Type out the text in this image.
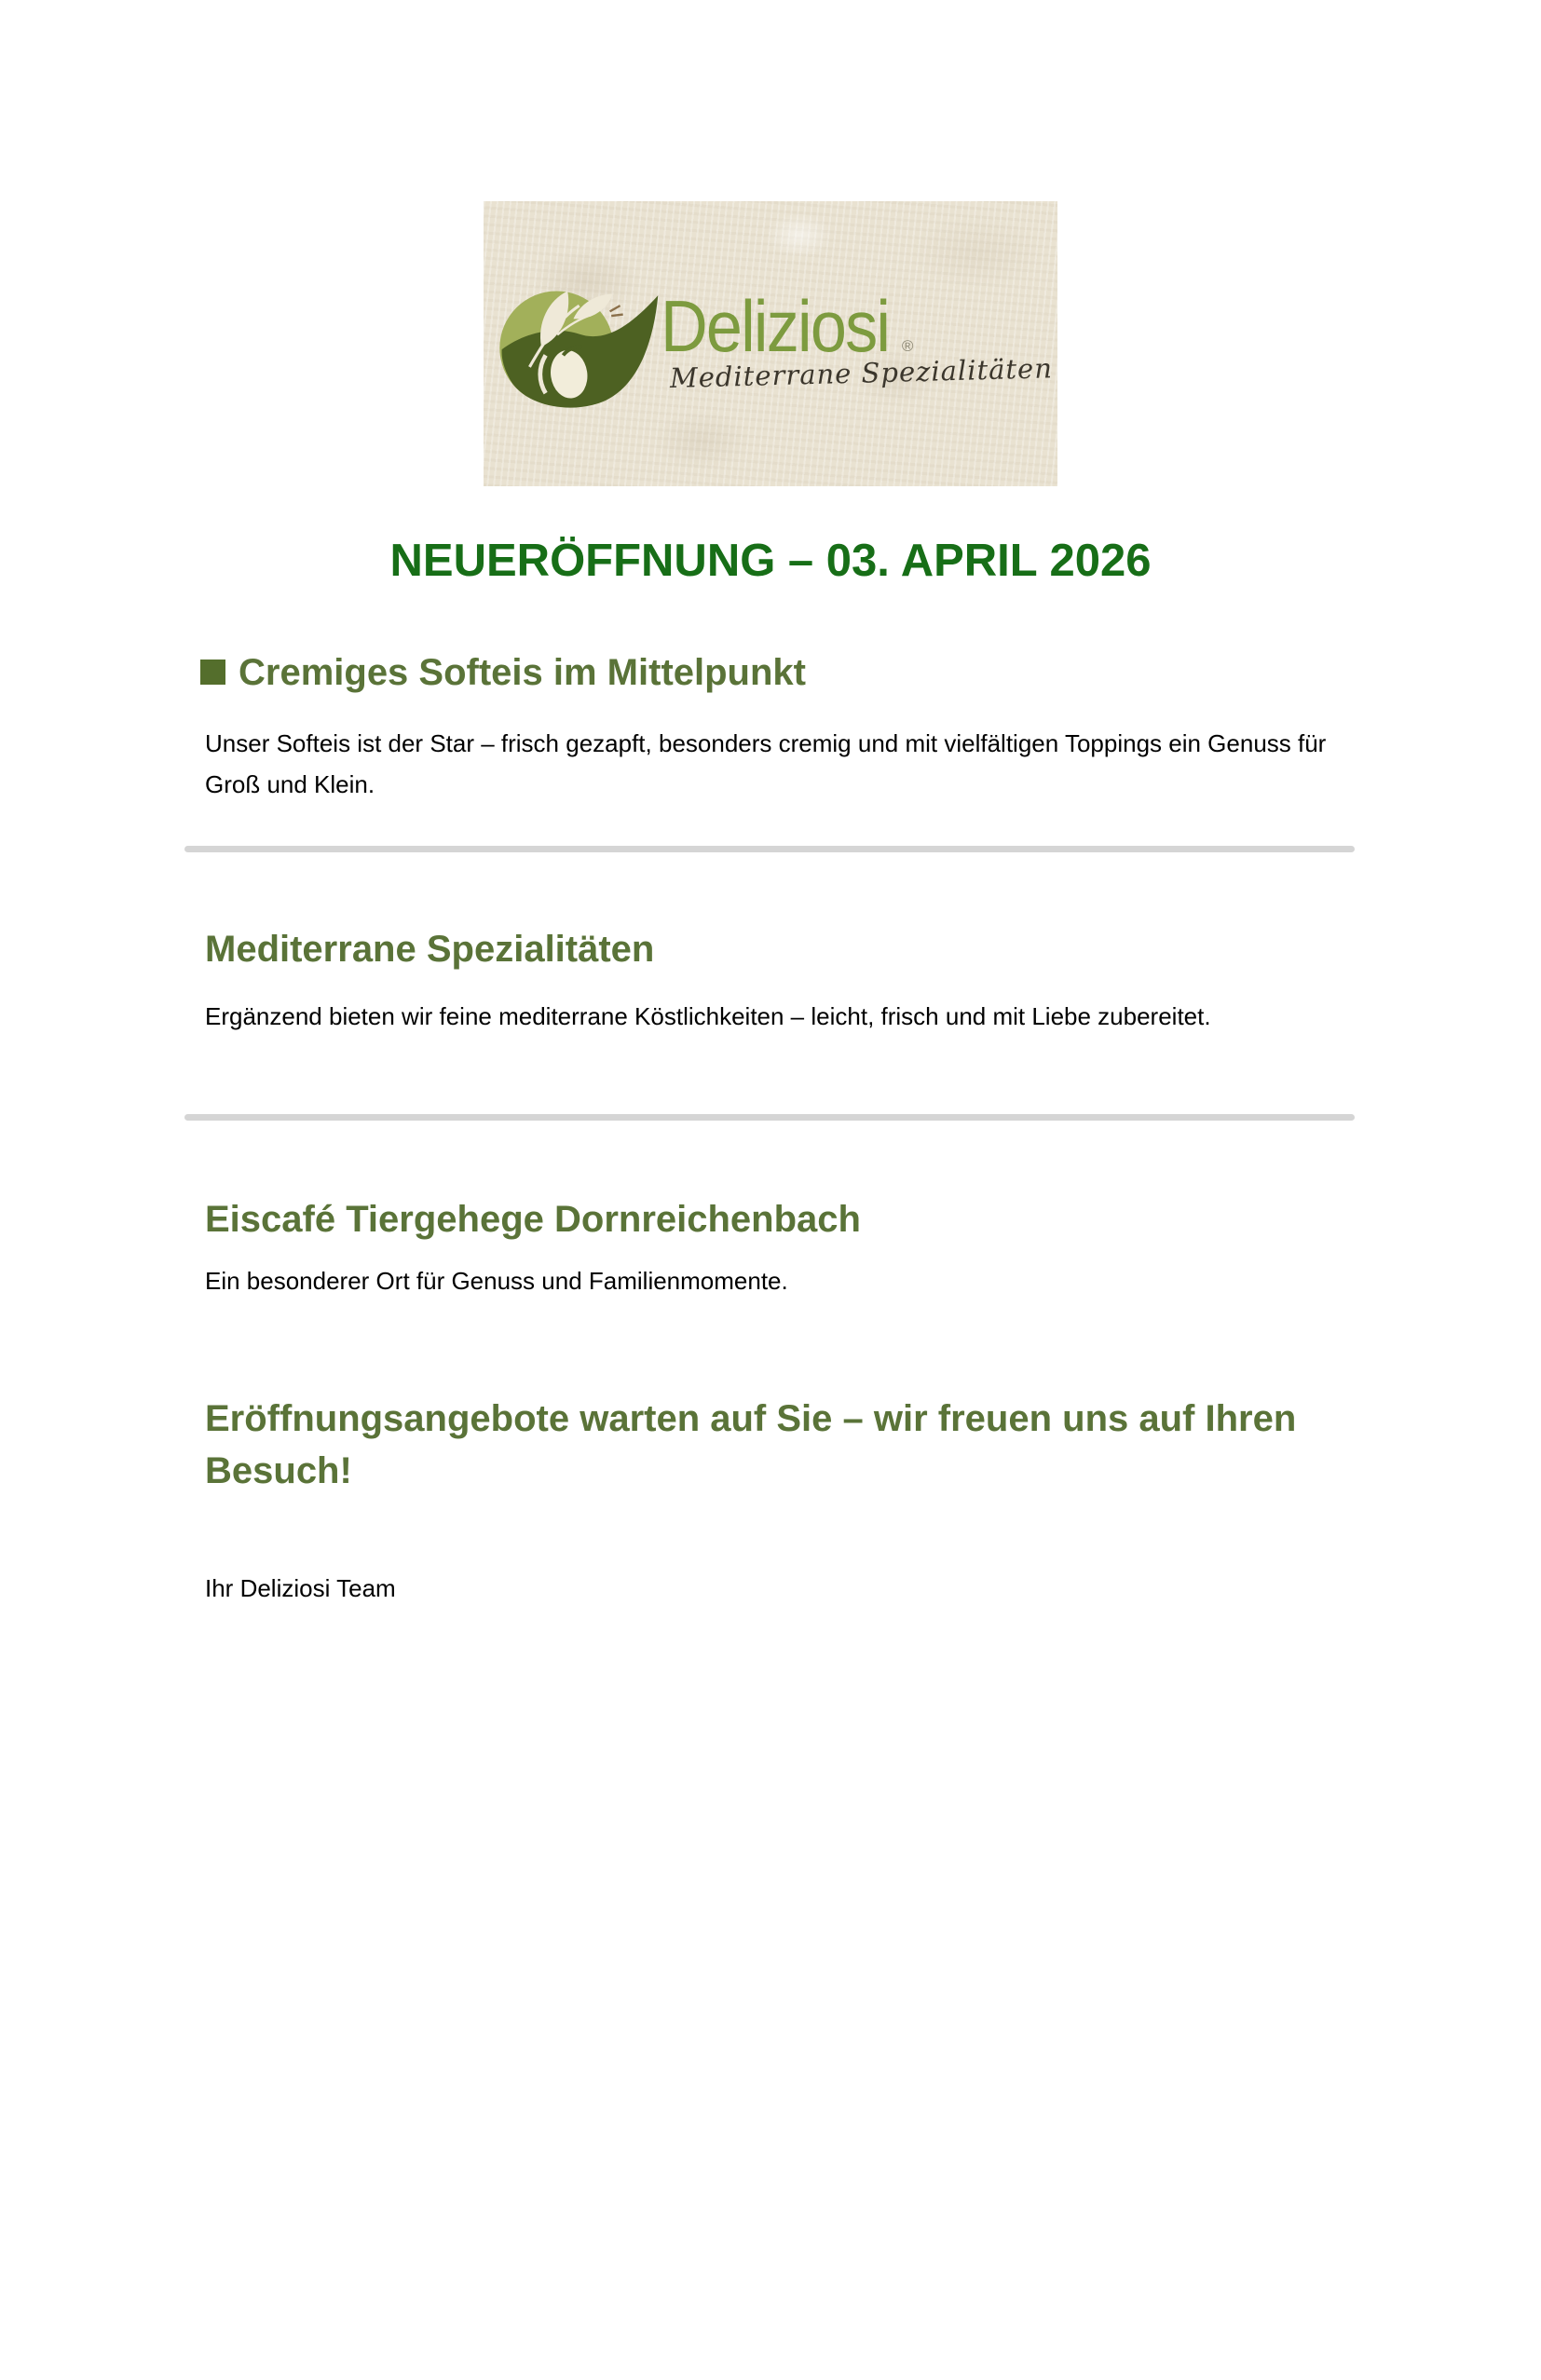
Deliziosi ®
Mediterrane Spezialitäten
NEUERÖFFNUNG – 03. APRIL 2026
Cremiges Softeis im Mittelpunkt

Unser Softeis ist der Star – frisch gezapft, besonders cremig und mit vielfältigen Toppings ein Genuss für Groß und Klein.

Mediterrane Spezialitäten

Ergänzend bieten wir feine mediterrane Köstlichkeiten – leicht, frisch und mit Liebe zubereitet.

Eiscafé Tiergehege Dornreichenbach

Ein besonderer Ort für Genuss und Familienmomente.

Eröffnungsangebote warten auf Sie – wir freuen uns auf Ihren Besuch!

Ihr Deliziosi Team
